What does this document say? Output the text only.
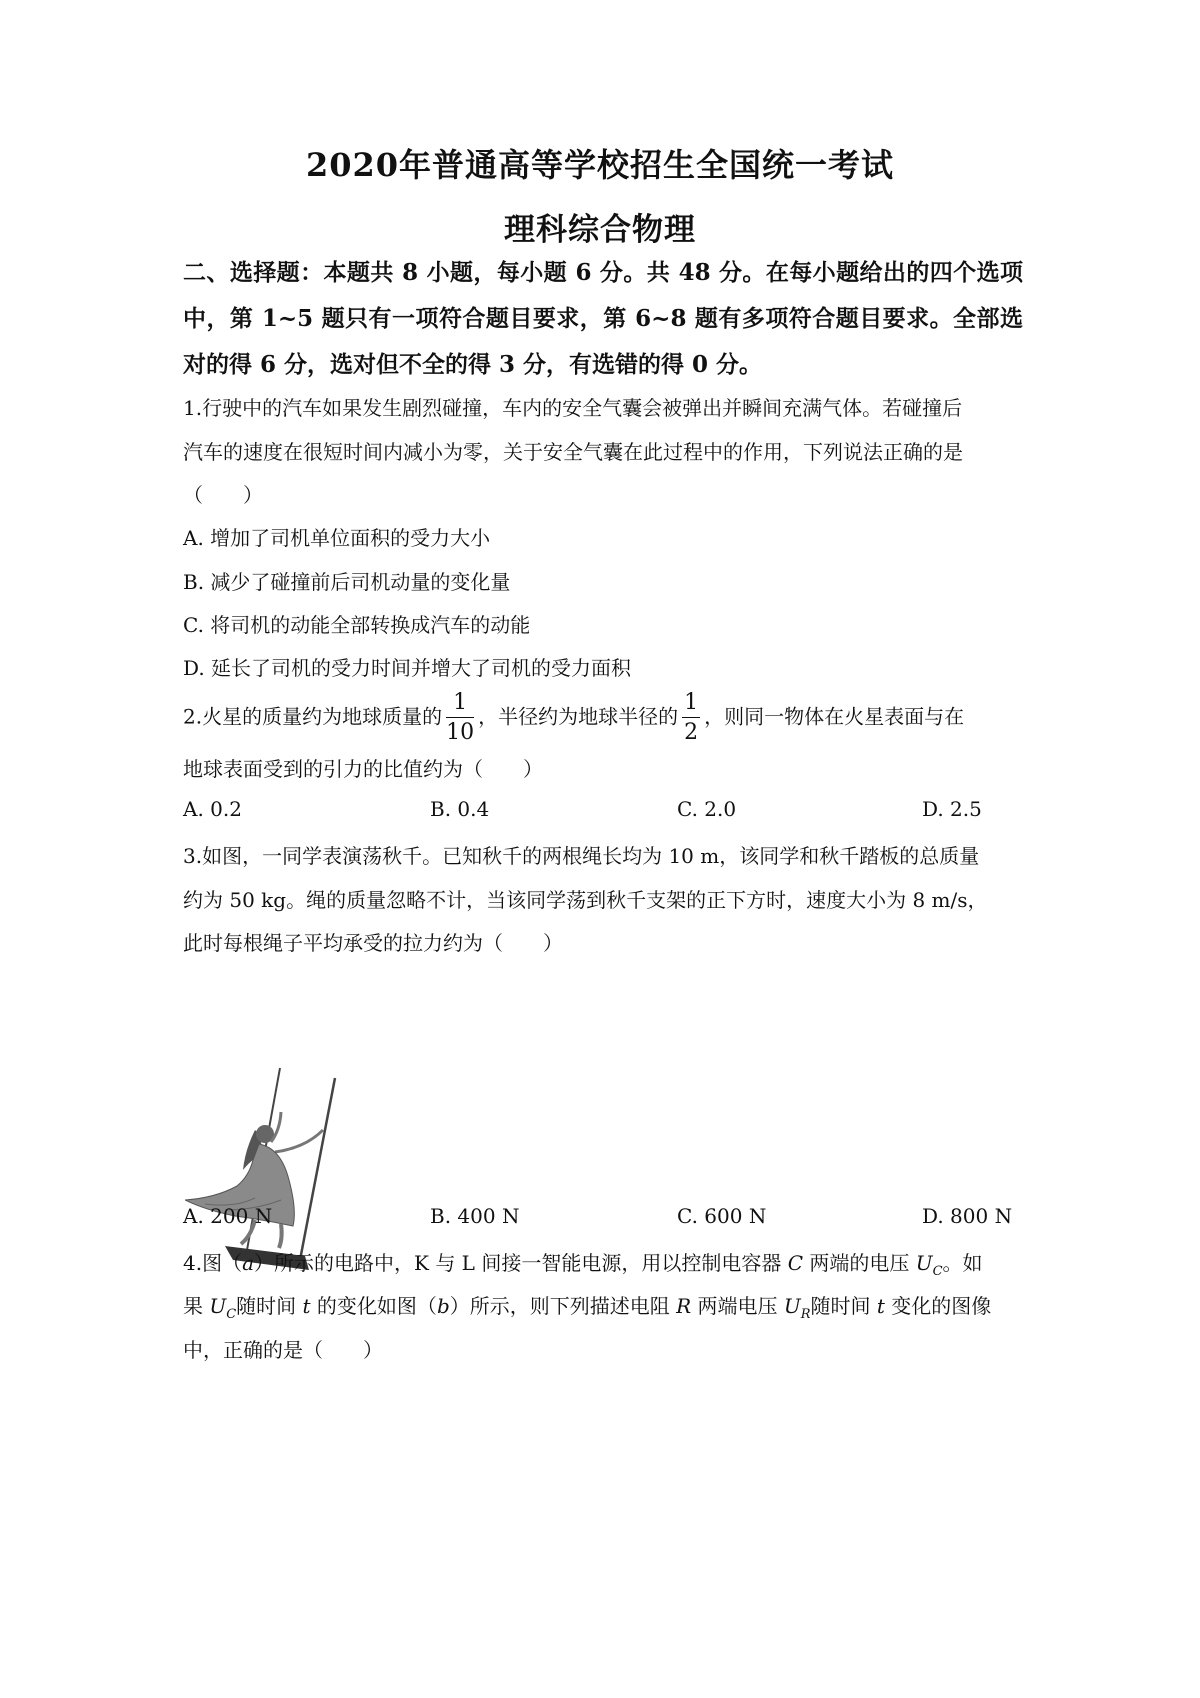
2020年普通高等学校招生全国统一考试
理科综合物理
二、选择题：本题共 8 小题，每小题 6 分。共 48 分。在每小题给出的四个选项中，第 1~5 题只有一项符合题目要求，第 6~8 题有多项符合题目要求。全部选对的得 6 分，选对但不全的得 3 分，有选错的得 0 分。
1.行驶中的汽车如果发生剧烈碰撞，车内的安全气囊会被弹出并瞬间充满气体。若碰撞后
汽车的速度在很短时间内减小为零，关于安全气囊在此过程中的作用，下列说法正确的是
（　　）
A. 增加了司机单位面积的受力大小
B. 减少了碰撞前后司机动量的变化量
C. 将司机的动能全部转换成汽车的动能
D. 延长了司机的受力时间并增大了司机的受力面积
2.火星的质量约为地球质量的 $\frac{1}{10}$ ，半径约为地球半径的 $\frac{1}{2}$ ，则同一物体在火星表面与在
地球表面受到的引力的比值约为（　　）
A. 0.2	B. 0.4	C. 2.0	D. 2.5
3.如图，一同学表演荡秋千。已知秋千的两根绳长均为 10 m，该同学和秋千踏板的总质量
约为 50 kg。绳的质量忽略不计，当该同学荡到秋千支架的正下方时，速度大小为 8 m/s，
此时每根绳子平均承受的拉力约为（　　）
A. 200 N	B. 400 N	C. 600 N	D. 800 N
4.图（a）所示的电路中，K 与 L 间接一智能电源，用以控制电容器 C 两端的电压 $U_C$。如
果 $U_C$随时间 t 的变化如图（b）所示，则下列描述电阻 R 两端电压 $U_R$随时间 t 变化的图像
中，正确的是（　　）
